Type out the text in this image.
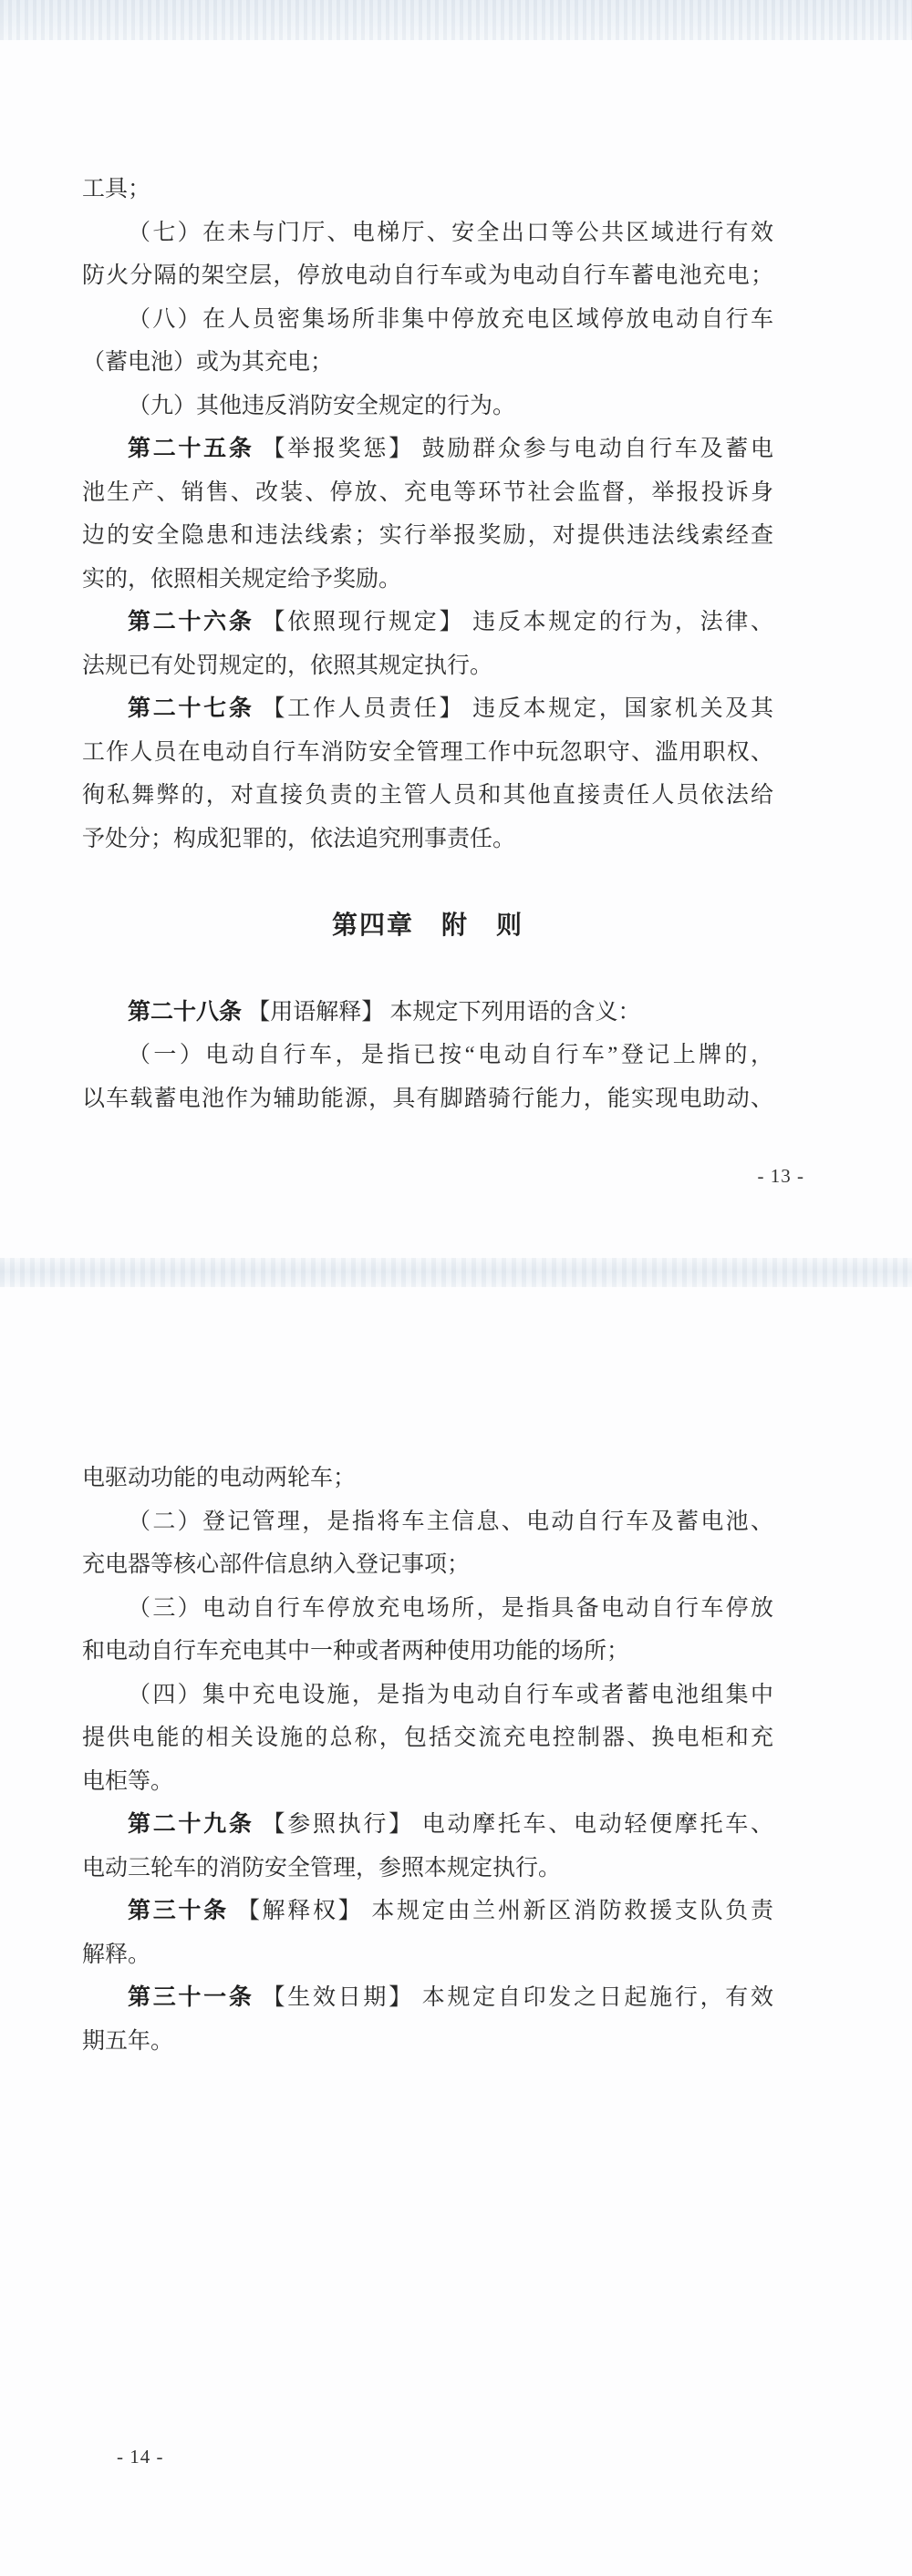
工具；
（七）在未与门厅、电梯厅、安全出口等公共区域进行有效
防火分隔的架空层，停放电动自行车或为电动自行车蓄电池充电；
（八）在人员密集场所非集中停放充电区域停放电动自行车
（蓄电池）或为其充电；
（九）其他违反消防安全规定的行为。
第二十五条 【举报奖惩】 鼓励群众参与电动自行车及蓄电
池生产、销售、改装、停放、充电等环节社会监督，举报投诉身
边的安全隐患和违法线索；实行举报奖励，对提供违法线索经查
实的，依照相关规定给予奖励。
第二十六条 【依照现行规定】 违反本规定的行为，法律、
法规已有处罚规定的，依照其规定执行。
第二十七条 【工作人员责任】 违反本规定，国家机关及其
工作人员在电动自行车消防安全管理工作中玩忽职守、滥用职权、
徇私舞弊的，对直接负责的主管人员和其他直接责任人员依法给
予处分；构成犯罪的，依法追究刑事责任。
第四章　附　则
第二十八条 【用语解释】 本规定下列用语的含义：
（一）电动自行车，是指已按“电动自行车”登记上牌的，
以车载蓄电池作为辅助能源，具有脚踏骑行能力，能实现电助动、
- 13 -
电驱动功能的电动两轮车；
（二）登记管理，是指将车主信息、电动自行车及蓄电池、
充电器等核心部件信息纳入登记事项；
（三）电动自行车停放充电场所，是指具备电动自行车停放
和电动自行车充电其中一种或者两种使用功能的场所；
（四）集中充电设施，是指为电动自行车或者蓄电池组集中
提供电能的相关设施的总称，包括交流充电控制器、换电柜和充
电柜等。
第二十九条 【参照执行】 电动摩托车、电动轻便摩托车、
电动三轮车的消防安全管理，参照本规定执行。
第三十条 【解释权】 本规定由兰州新区消防救援支队负责
解释。
第三十一条 【生效日期】 本规定自印发之日起施行，有效
期五年。
- 14 -
